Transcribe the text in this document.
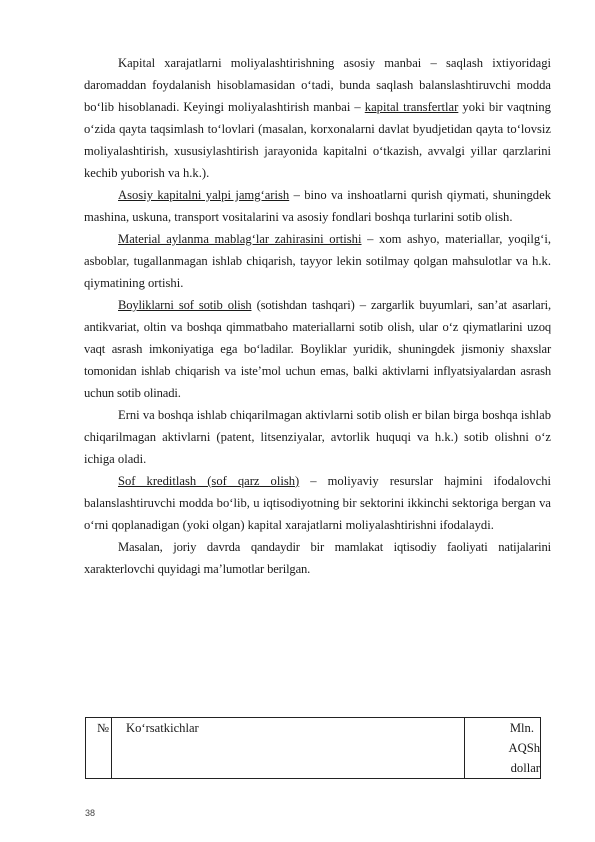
Kapital xarajatlarni moliyalashtirishning asosiy manbai – saqlash ixtiyoridagi daromaddan foydalanish hisoblamasidan o‘tadi, bunda saqlash balanslashtiruvchi modda bo‘lib hisoblanadi. Keyingi moliyalashtirish manbai – kapital transfertlar yoki bir vaqtning o‘zida qayta taqsimlash to‘lovlari (masalan, korxonalarni davlat byudjetidan qayta to‘lovsiz moliyalashtirish, xususiylashtirish jarayonida kapitalni o‘tkazish, avvalgi yillar qarzlarini kechib yuborish va h.k.).

Asosiy kapitalni yalpi jamg‘arish – bino va inshoatlarni qurish qiymati, shuningdek mashina, uskuna, transport vositalarini va asosiy fondlari boshqa turlarini sotib olish.

Material aylanma mablag‘lar zahirasini ortishi – xom ashyo, materiallar, yoqilg‘i, asboblar, tugallanmagan ishlab chiqarish, tayyor lekin sotilmay qolgan mahsulotlar va h.k. qiymatining ortishi.

Boyliklarni sof sotib olish (sotishdan tashqari) – zargarlik buyumlari, san’at asarlari, antikvariat, oltin va boshqa qimmatbaho materiallarni sotib olish, ular o‘z qiymatlarini uzoq vaqt asrash imkoniyatiga ega bo‘ladilar. Boyliklar yuridik, shuningdek jismoniy shaxslar tomonidan ishlab chiqarish va iste’mol uchun emas, balki aktivlarni inflyatsiyalardan asrash uchun sotib olinadi.

Erni va boshqa ishlab chiqarilmagan aktivlarni sotib olish er bilan birga boshqa ishlab chiqarilmagan aktivlarni (patent, litsenziyalar, avtorlik huquqi va h.k.) sotib olishni o‘z ichiga oladi.

Sof kreditlash (sof qarz olish) – moliyaviy resurslar hajmini ifodalovchi balanslashtiruvchi modda bo‘lib, u iqtisodiyotning bir sektorini ikkinchi sektoriga bergan va o‘rni qoplanadigan (yoki olgan) kapital xarajatlarni moliyalashtirishni ifodalaydi.

Masalan, joriy davrda qandaydir bir mamlakat iqtisodiy faoliyati natijalarini xarakterlovchi quyidagi ma’lumotlar berilgan.

№	Ko‘rsatkichlar	Mln.
AQSh
dollar
38
